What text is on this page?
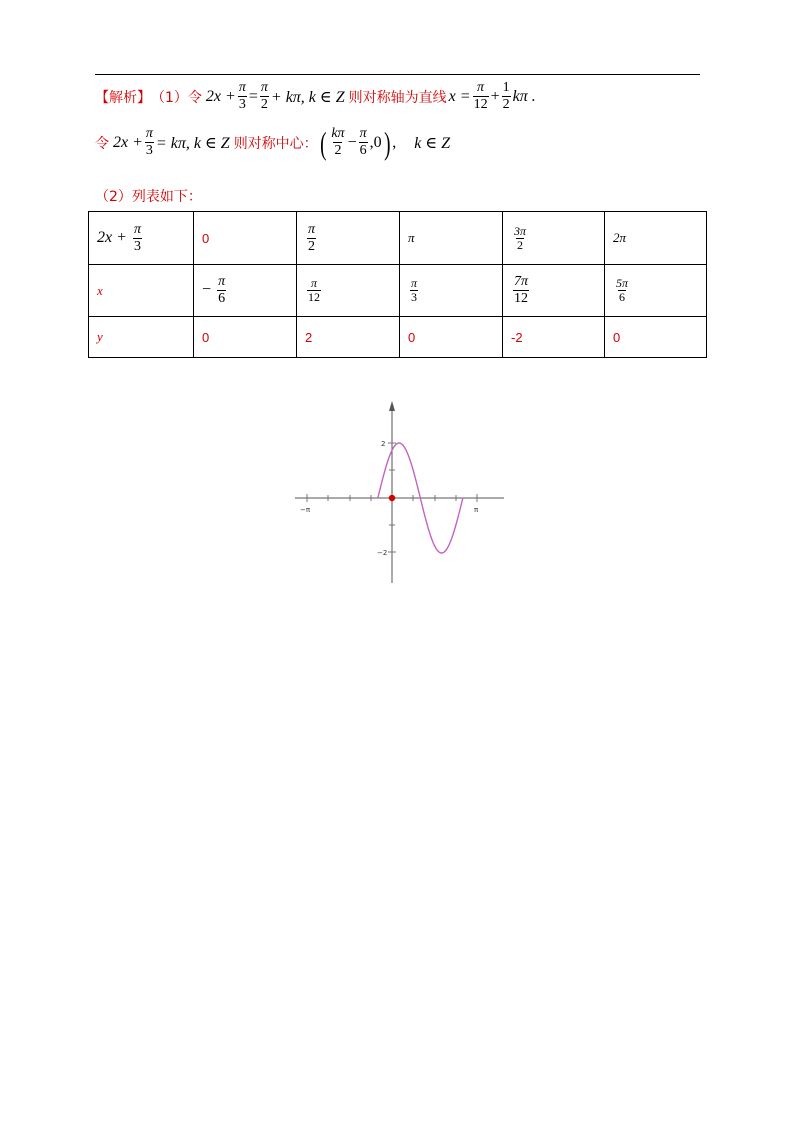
【解析】 （1）令 $2x + \frac{\pi}{3} = \frac{\pi}{2} + k\pi$, k ∈ Z 则对称轴为直线 $x = \frac{\pi}{12} + \frac{1}{2}$ kπ .
令 $2x + \frac{\pi}{3} = k\pi$, k ∈ Z 则对称中心： ( $\frac{k\pi}{2} - \frac{\pi}{6} ,0$ ) , k ∈ Z
（2）列表如下：
$2x + \frac{\pi}{3}$	0	$\frac{\pi}{2}$	π	$\frac{3\pi}{2}$	2π
x	− $\frac{\pi}{6}$	$\frac{\pi}{12}$	$\frac{\pi}{3}$	$\frac{7\pi}{12}$	$\frac{5\pi}{6}$

y	0	2	0	-2	0
−π	π
2
−2
